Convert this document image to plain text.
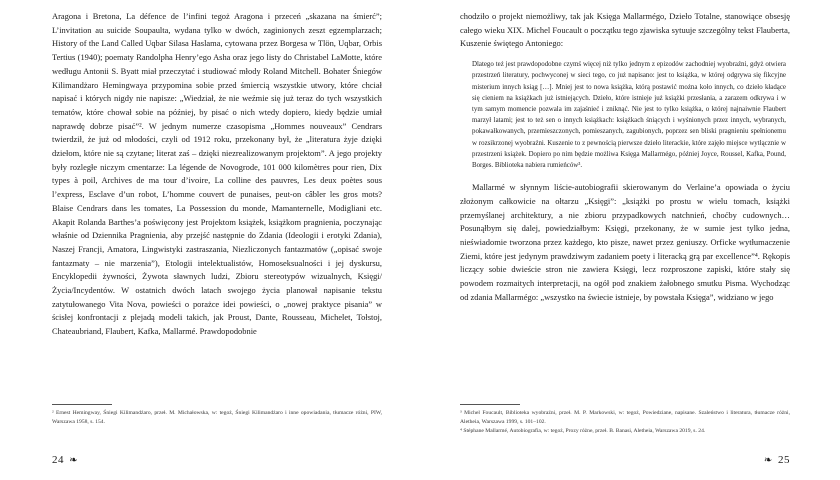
Aragona i Bretona, La défence de l’infini tegoż Aragona i przeceń „skazana na śmierć”; L’invitation au suicide Soupaulta, wydana tylko w dwóch, zaginionych zeszt egzemplarzach; History of the Land Called Uqbar Silasa Haslama, cytowana przez Borgesa w Tlön, Uqbar, Orbis Tertius (1940); poematy Randolpha Henry’ego Asha oraz jego listy do Christabel LaMotte, które wedługu Antonii S. Byatt miał przeczytać i studiować młody Roland Mitchell. Bohater Śniegów Kilimandżaro Hemingwaya przypomina sobie przed śmiercią wszystkie utwory, które chciał napisać i których nigdy nie napisze: „Wiedział, że nie weźmie się już teraz do tych wszystkich tematów, które chował sobie na później, by pisać o nich wtedy dopiero, kiedy będzie umiał naprawdę dobrze pisać”². W jednym numerze czasopisma „Hommes nouveaux” Cendrars twierdził, że już od młodości, czyli od 1912 roku, przekonany był, że „literatura żyje dzięki dziełom, które nie są czytane; literat zaś – dzięki niezrealizowanym projektom”. A jego projekty były rozległe niczym cmentarze: La légende de Novogrode, 101 000 kilomètres pour rien, Dix types à poil, Archives de ma tour d’ivoire, La colline des pauvres, Les deux poètes sous l’express, Esclave d’un robot, L’homme couvert de punaises, peut-on câbler les gros mots? Blaise Cendrars dans les tomates, La Possession du monde, Mamanternelle, Modigliani etc. Akapit Rolanda Barthes’a poświęcony jest Projektom książek, książkom pragnienia, poczynając właśnie od Dziennika Pragnienia, aby przejść następnie do Zdania (Ideologii i erotyki Zdania), Naszej Francji, Amatora, Lingwistyki zastraszania, Niezliczonych fantazmatów („opisać swoje fantazmaty – nie marzenia”), Etologii intelektualistów, Homoseksualności i jej dyskursu, Encyklopedii żywności, Żywota sławnych ludzi, Zbioru stereotypów wizualnych, Księgi/Życia/Incydentów. W ostatnich dwóch latach swojego życia planował napisanie tekstu zatytułowanego Vita Nova, powieści o porażce idei powieści, o „nowej praktyce pisania” w ścisłej konfrontacji z plejadą modeli takich, jak Proust, Dante, Rousseau, Michelet, Tołstoj, Chateaubriand, Flaubert, Kafka, Mallarmé. Prawdopodobnie

² Ernest Hemingway, Śniegi Kilimandżaro, przeł. M. Michałowska, w: tegoż, Śniegi Kilimandżaro i inne opowiadania, tłumacze różni, PIW, Warszawa 1958, s. 154.

24 ❧

chodziło o projekt niemożliwy, tak jak Księga Mallarmégo, Dzieło Totalne, stanowiące obsesję całego wieku XIX. Michel Foucault o początku tego zjawiska sytuuje szczególny tekst Flauberta, Kuszenie świętego Antoniego:

Dlatego też jest prawdopodobne czymś więcej niż tylko jednym z epizodów zachodniej wyobraźni, gdyż otwiera przestrzeń literatury, pochwyconej w sieci tego, co już napisano: jest to książka, w której odgrywa się fikcyjne misterium innych ksiąg […]. Mniej jest to nowa książka, którą postawić można koło innych, co dzieło kładące się cieniem na książkach już istniejących. Dzieło, które istnieje już książki przesłania, a zarazem odkrywa i w tym samym momencie pozwala im zajaśnieć i zniknąć. Nie jest to tylko książka, o której najnaiwnie Flaubert marzył latami; jest to też sen o innych książkach: książkach śniących i wyśnionych przez innych, wybranych, pokawałkowanych, przemieszczonych, pomieszanych, zagubionych, poprzez sen bliski pragnieniu spełnionemu w rozsikrzonej wyobraźni. Kuszenie to z pewnością pierwsze dzieło literackie, które zajęło miejsce wytłącznie w przestrzeni książek. Dopiero po nim będzie możliwa Księga Mallarmégo, później Joyce, Roussel, Kafka, Pound, Borges. Biblioteka nabiera rumieńców³.

Mallarmé w słynnym liście-autobiografii skierowanym do Verlaine’a opowiada o życiu złożonym całkowicie na ołtarzu „Księgi”: „książki po prostu w wielu tomach, książki przemyślanej architektury, a nie zbioru przypadkowych natchnień, choćby cudownych… Posunąłbym się dalej, powiedziałbym: Księgi, przekonany, że w sumie jest tylko jedna, nieświadomie tworzona przez każdego, kto pisze, nawet przez geniuszy. Orficke wytłumaczenie Ziemi, które jest jedynym prawdziwym zadaniem poety i literacką grą par excellence”⁴. Rękopis liczący sobie dwieście stron nie zawiera Księgi, lecz rozproszone zapiski, które stały się powodem rozmaitych interpretacji, na ogół pod znakiem żałobnego smutku Pisma. Wychodząc od zdania Mallarmégo: „wszystko na świecie istnieje, by powstała Księga”, widziano w jego

³ Michel Foucault, Biblioteka wyobraźni, przeł. M. P. Markowski, w: tegoż, Powiedziane, napisane. Szaleństwo i literatura, tłumacze różni, Aletheia, Warszawa 1999, s. 101–102.

⁴ Stéphane Mallarmé, Autobiografia, w: tegoż, Prozy różne, przeł. B. Banasi, Aletheia, Warszawa 2019, s. 24.

❧ 25
